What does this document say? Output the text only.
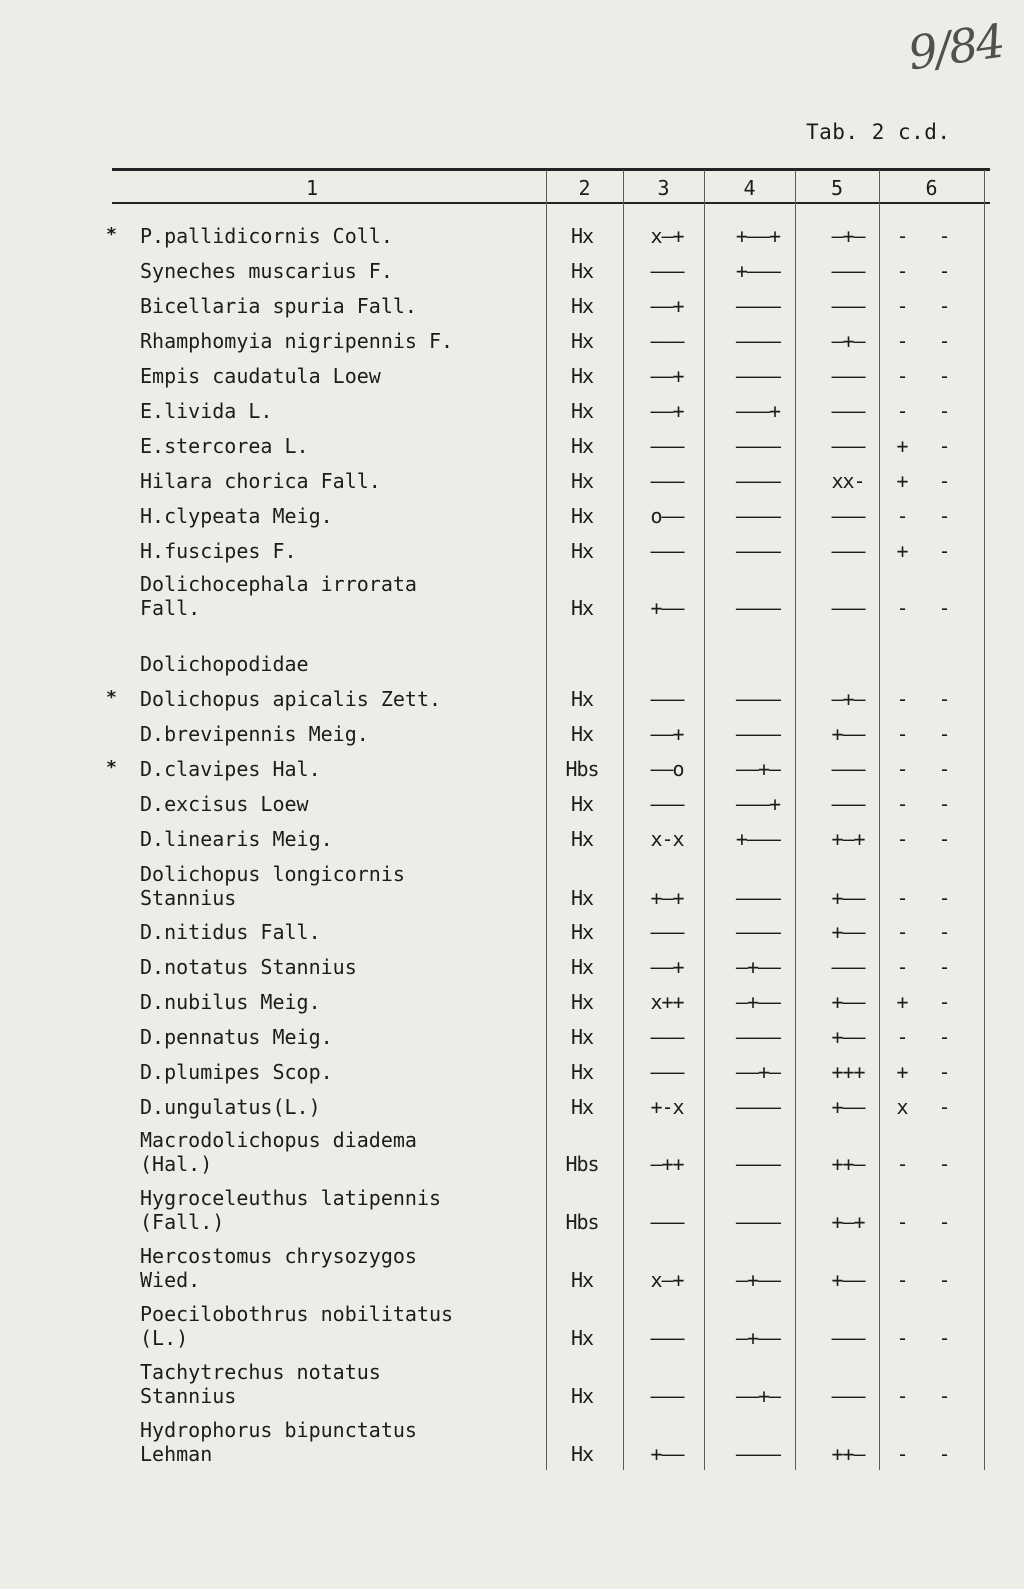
9/84
Tab. 2 c.d.
1	2	3	4	5	6
* P.pallidicornis Coll.	Hx	x—+	+——+	—+—	-	-
Syneches muscarius F.	Hx	———	+———	———	-	-
Bicellaria spuria Fall.	Hx	——+	————	———	-	-
Rhamphomyia nigripennis F.	Hx	———	————	—+—	-	-
Empis caudatula Loew	Hx	——+	————	———	-	-
E.livida L.	Hx	——+	———+	———	-	-
E.stercorea L.	Hx	———	————	———	+	-
Hilara chorica Fall.	Hx	———	————	xx-	+	-
H.clypeata Meig.	Hx	o——	————	———	-	-
H.fuscipes F.	Hx	———	————	———	+	-
Dolichocephala irrorata
Fall.	Hx	+——	————	———	-	-
Dolichopodidae
* Dolichopus apicalis Zett.	Hx	———	————	—+—	-	-
D.brevipennis Meig.	Hx	——+	————	+——	-	-
* D.clavipes Hal.	Hbs	——o	——+—	———	-	-
D.excisus Loew	Hx	———	———+	———	-	-
D.linearis Meig.	Hx	x-x	+———	+—+	-	-
Dolichopus longicornis
Stannius	Hx	+—+	————	+——	-	-
D.nitidus Fall.	Hx	———	————	+——	-	-
D.notatus Stannius	Hx	——+	—+——	———	-	-
D.nubilus Meig.	Hx	x++	—+——	+——	+	-
D.pennatus Meig.	Hx	———	————	+——	-	-
D.plumipes Scop.	Hx	———	——+—	+++	+	-
D.ungulatus(L.)	Hx	+-x	————	+——	x	-
Macrodolichopus diadema
(Hal.)	Hbs	—++	————	++—	-	-
Hygroceleuthus latipennis
(Fall.)	Hbs	———	————	+—+	-	-
Hercostomus chrysozygos
Wied.	Hx	x—+	—+——	+——	-	-
Poecilobothrus nobilitatus
(L.)	Hx	———	—+——	———	-	-
Tachytrechus notatus
Stannius	Hx	———	——+—	———	-	-
Hydrophorus bipunctatus
Lehman	Hx	+——	————	++—	-	-
